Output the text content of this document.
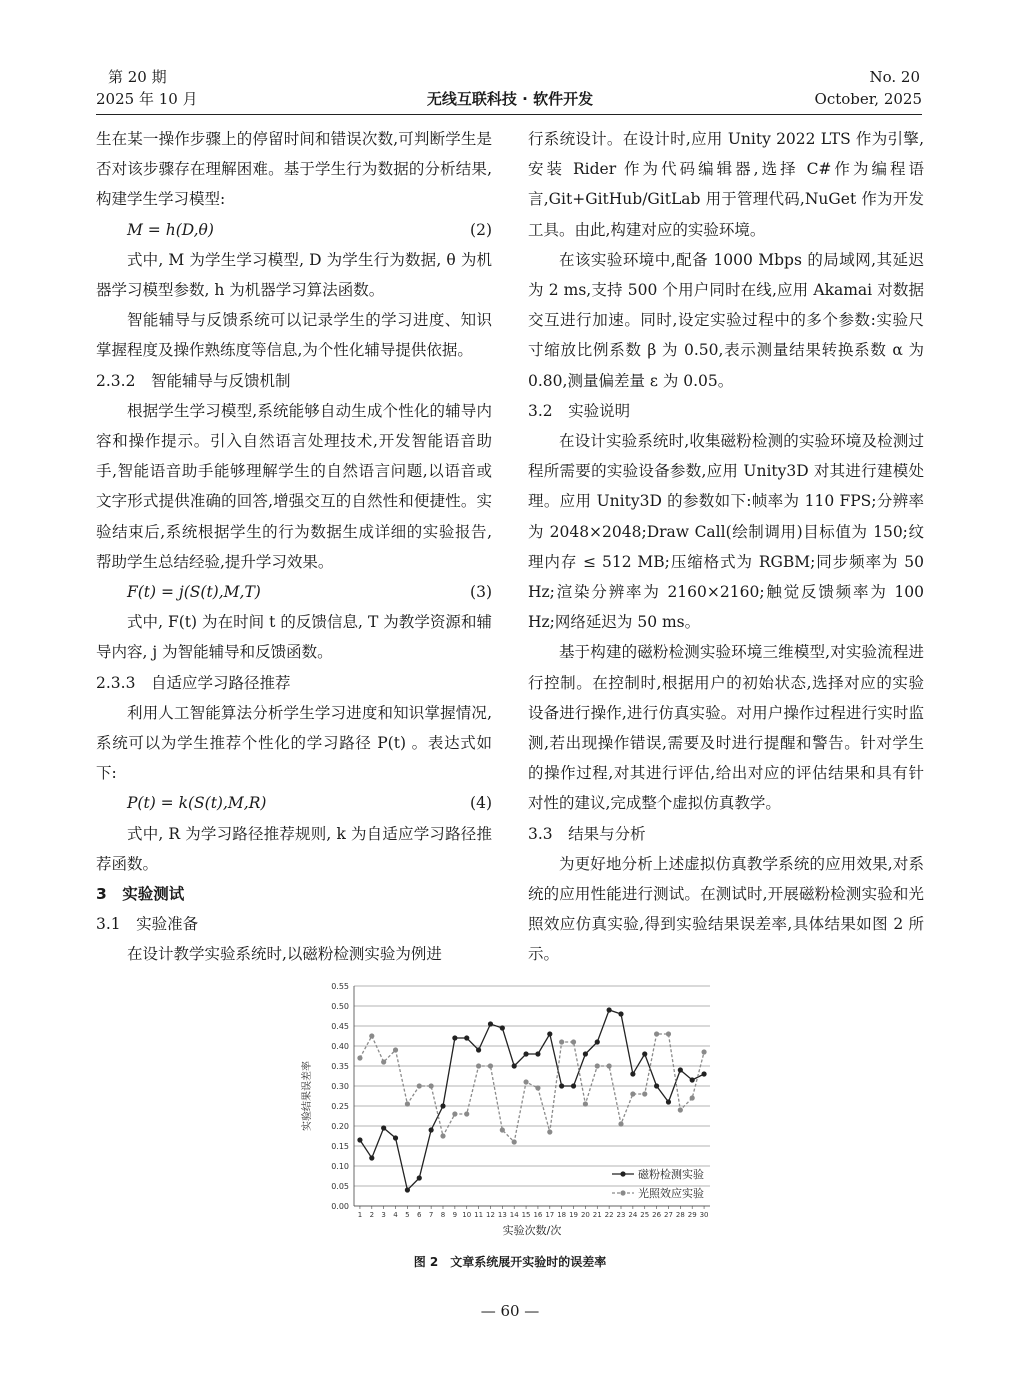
第 20 期
2025 年 10 月	无线互联科技 · 软件开发
No. 20
October, 2025

生在某一操作步骤上的停留时间和错误次数,可判断学生是否对该步骤存在理解困难。基于学生行为数据的分析结果,构建学生学习模型:

M = h(D,θ)	(2)

式中, M 为学生学习模型, D 为学生行为数据, θ 为机器学习模型参数, h 为机器学习算法函数。

智能辅导与反馈系统可以记录学生的学习进度、知识掌握程度及操作熟练度等信息,为个性化辅导提供依据。

2.3.2　智能辅导与反馈机制

根据学生学习模型,系统能够自动生成个性化的辅导内容和操作提示。引入自然语言处理技术,开发智能语音助手,智能语音助手能够理解学生的自然语言问题,以语音或文字形式提供准确的回答,增强交互的自然性和便捷性。实验结束后,系统根据学生的行为数据生成详细的实验报告,帮助学生总结经验,提升学习效果。

F(t) = j(S(t),M,T)	(3)

式中, F(t) 为在时间 t 的反馈信息, T 为教学资源和辅导内容, j 为智能辅导和反馈函数。

2.3.3　自适应学习路径推荐

利用人工智能算法分析学生学习进度和知识掌握情况,系统可以为学生推荐个性化的学习路径 P(t) 。表达式如下:

P(t) = k(S(t),M,R)	(4)

式中, R 为学习路径推荐规则, k 为自适应学习路径推荐函数。

3　实验测试

3.1　实验准备

在设计教学实验系统时,以磁粉检测实验为例进

行系统设计。在设计时,应用 Unity 2022 LTS 作为引擎,安装 Rider 作为代码编辑器,选择 C#作为编程语言,Git+GitHub/GitLab 用于管理代码,NuGet 作为开发工具。由此,构建对应的实验环境。

在该实验环境中,配备 1000 Mbps 的局域网,其延迟为 2 ms,支持 500 个用户同时在线,应用 Akamai 对数据交互进行加速。同时,设定实验过程中的多个参数:实验尺寸缩放比例系数 β 为 0.50,表示测量结果转换系数 α 为 0.80,测量偏差量 ε 为 0.05。

3.2　实验说明

在设计实验系统时,收集磁粉检测的实验环境及检测过程所需要的实验设备参数,应用 Unity3D 对其进行建模处理。应用 Unity3D 的参数如下:帧率为 110 FPS;分辨率为 2048×2048;Draw Call(绘制调用)目标值为 150;纹理内存 ≤ 512 MB;压缩格式为 RGBM;同步频率为 50 Hz;渲染分辨率为 2160×2160;触觉反馈频率为 100 Hz;网络延迟为 50 ms。

基于构建的磁粉检测实验环境三维模型,对实验流程进行控制。在控制时,根据用户的初始状态,选择对应的实验设备进行操作,进行仿真实验。对用户操作过程进行实时监测,若出现操作错误,需要及时进行提醒和警告。针对学生的操作过程,对其进行评估,给出对应的评估结果和具有针对性的建议,完成整个虚拟仿真教学。

3.3　结果与分析

为更好地分析上述虚拟仿真教学系统的应用效果,对系统的应用性能进行测试。在测试时,开展磁粉检测实验和光照效应仿真实验,得到实验结果误差率,具体结果如图 2 所示。

0.00
0.05
0.10
0.15
0.20
0.25
0.30
0.35
0.40
0.45
0.50
0.55
1 2 3 4 5 6 7 8 9 10 11 12 13 14 15 16 17 18 19 20 21 22 23 24 25 26 27 28 29 30
实验次数/次
实验结果误差率
磁粉检测实验
光照效应实验
图 2　文章系统展开实验时的误差率
— 60 —
